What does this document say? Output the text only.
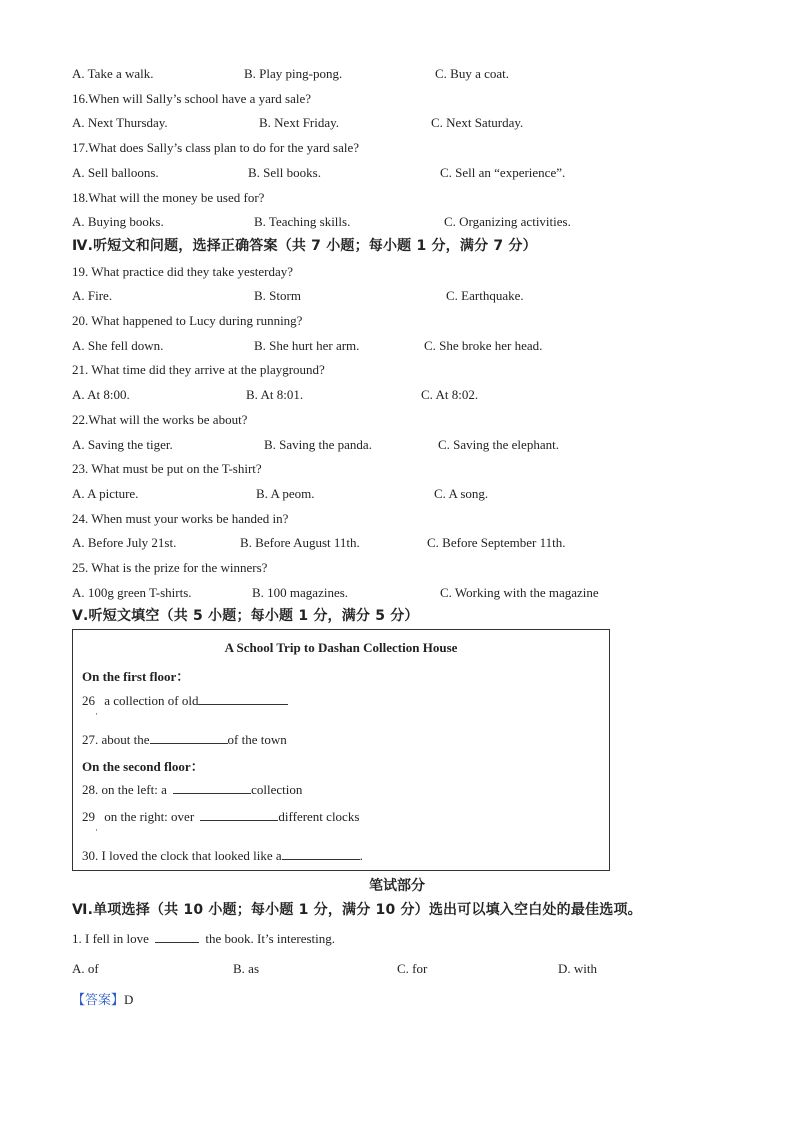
A. Take a walk.	B. Play ping-pong.	C. Buy a coat.
16.When will Sally’s school have a yard sale?
A. Next Thursday.	B. Next Friday.	C. Next Saturday.
17.What does Sally’s class plan to do for the yard sale?
A. Sell balloons.	B. Sell books.	C. Sell an “experience”.
18.What will the money be used for?
A. Buying books.	B. Teaching skills.	C. Organizing activities.
Ⅳ.听短文和问题，选择正确答案（共 7 小题；每小题 1 分，满分 7 分）
19. What practice did they take yesterday?
A. Fire.	B. Storm	C. Earthquake.
20. What happened to Lucy during running?
A. She fell down.	B. She hurt her arm.	C. She broke her head.
21. What time did they arrive at the playground?
A. At 8:00.	B. At 8:01.	C. At 8:02.
22.What will the works be about?
A. Saving the tiger.	B. Saving the panda.	C. Saving the elephant.
23. What must be put on the T-shirt?
A. A picture.	B. A peom.	C. A song.
24. When must your works be handed in?
A. Before July 21st.	B. Before August 11th.	C. Before September 11th.
25. What is the prize for the winners?
A. 100g green T-shirts.	B. 100 magazines.	C. Working with the magazine
Ⅴ.听短文填空（共 5 小题；每小题 1 分，满分 5 分）
A School Trip to Dashan Collection House
On the first floor：
26 a collection of old
·
27. about the	of the town
On the second floor：
28. on the left: a	collection
29 on the right: over	different clocks
·
30. I loved the clock that looked like a	.
笔试部分
Ⅵ.单项选择（共 10 小题；每小题 1 分，满分 10 分）选出可以填入空白处的最佳选项。
1. I fell in love	the book. It’s interesting.
A. of	B. as	C. for	D. with
【答案】D
